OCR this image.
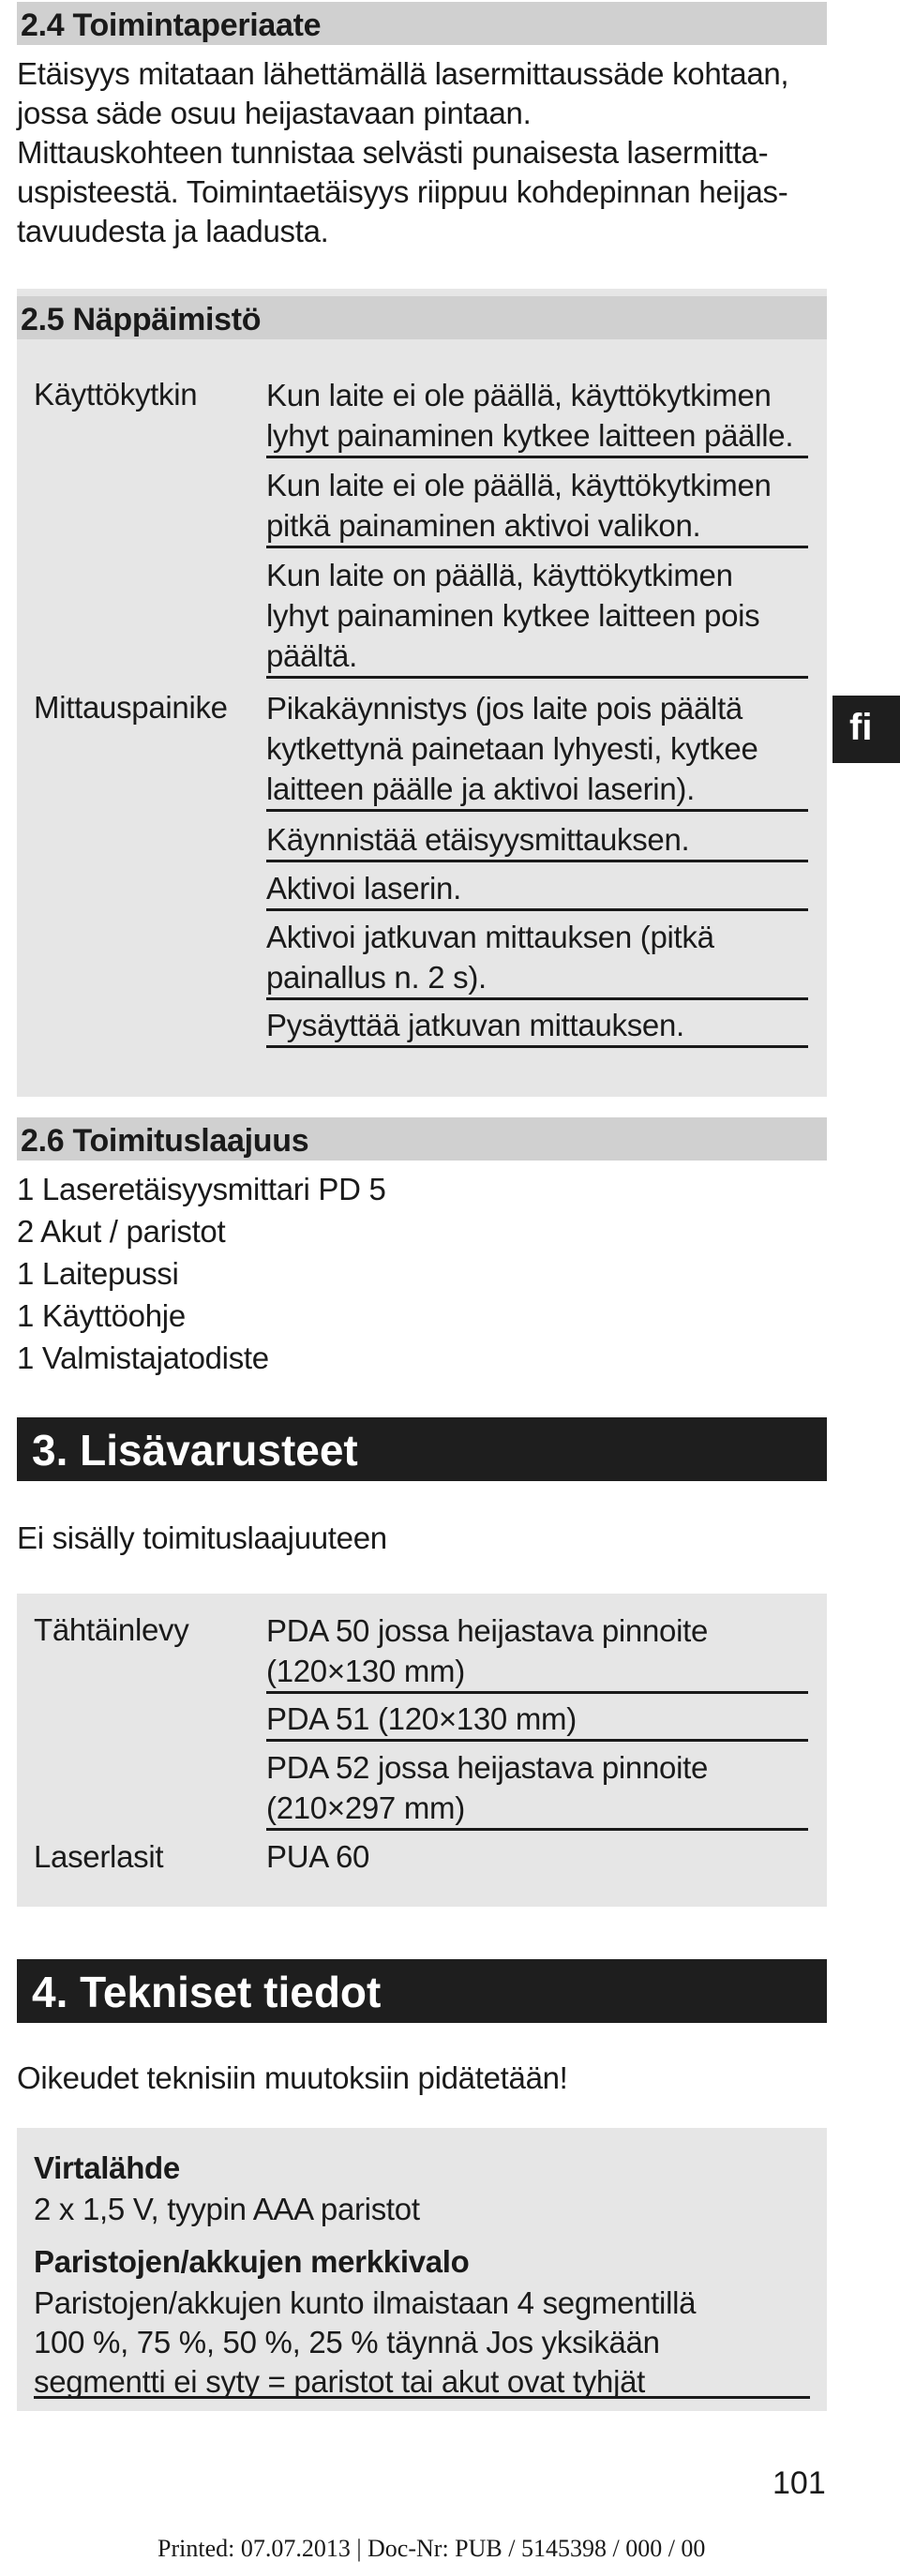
2.4 Toimintaperiaate
Etäisyys mitataan lähettämällä lasermittaussäde kohtaan,
jossa säde osuu heijastavaan pintaan.
Mittauskohteen tunnistaa selvästi punaisesta lasermitta-
uspisteestä. Toimintaetäisyys riippuu kohdepinnan heijas-
tavuudesta ja laadusta.
2.5 Näppäimistö
Käyttökytkin Kun laite ei ole päällä, käyttökytkimen
lyhyt painaminen kytkee laitteen päälle.
Kun laite ei ole päällä, käyttökytkimen
pitkä painaminen aktivoi valikon.
Kun laite on päällä, käyttökytkimen
lyhyt painaminen kytkee laitteen pois
päältä.
Mittauspainike Pikakäynnistys (jos laite pois päältä
kytkettynä painetaan lyhyesti, kytkee
laitteen päälle ja aktivoi laserin).
Käynnistää etäisyysmittauksen.
Aktivoi laserin.
Aktivoi jatkuvan mittauksen (pitkä
painallus n. 2 s).
Pysäyttää jatkuvan mittauksen.
fi
2.6 Toimituslaajuus
1 Laseretäisyysmittari PD 5
2 Akut / paristot
1 Laitepussi
1 Käyttöohje
1 Valmistajatodiste
3. Lisävarusteet
Ei sisälly toimituslaajuuteen
Tähtäinlevy	PDA 50 jossa heijastava pinnoite
(120×130 mm)
PDA 51 (120×130 mm)
PDA 52 jossa heijastava pinnoite
(210×297 mm)
Laserlasit	PUA 60
4. Tekniset tiedot
Oikeudet teknisiin muutoksiin pidätetään!
Virtalähde
2 x 1,5 V, tyypin AAA paristot
Paristojen/akkujen merkkivalo
Paristojen/akkujen kunto ilmaistaan 4 segmentillä
100 %, 75 %, 50 %, 25 % täynnä Jos yksikään
segmentti ei syty = paristot tai akut ovat tyhjät
101
Printed: 07.07.2013 | Doc-Nr: PUB / 5145398 / 000 / 00
